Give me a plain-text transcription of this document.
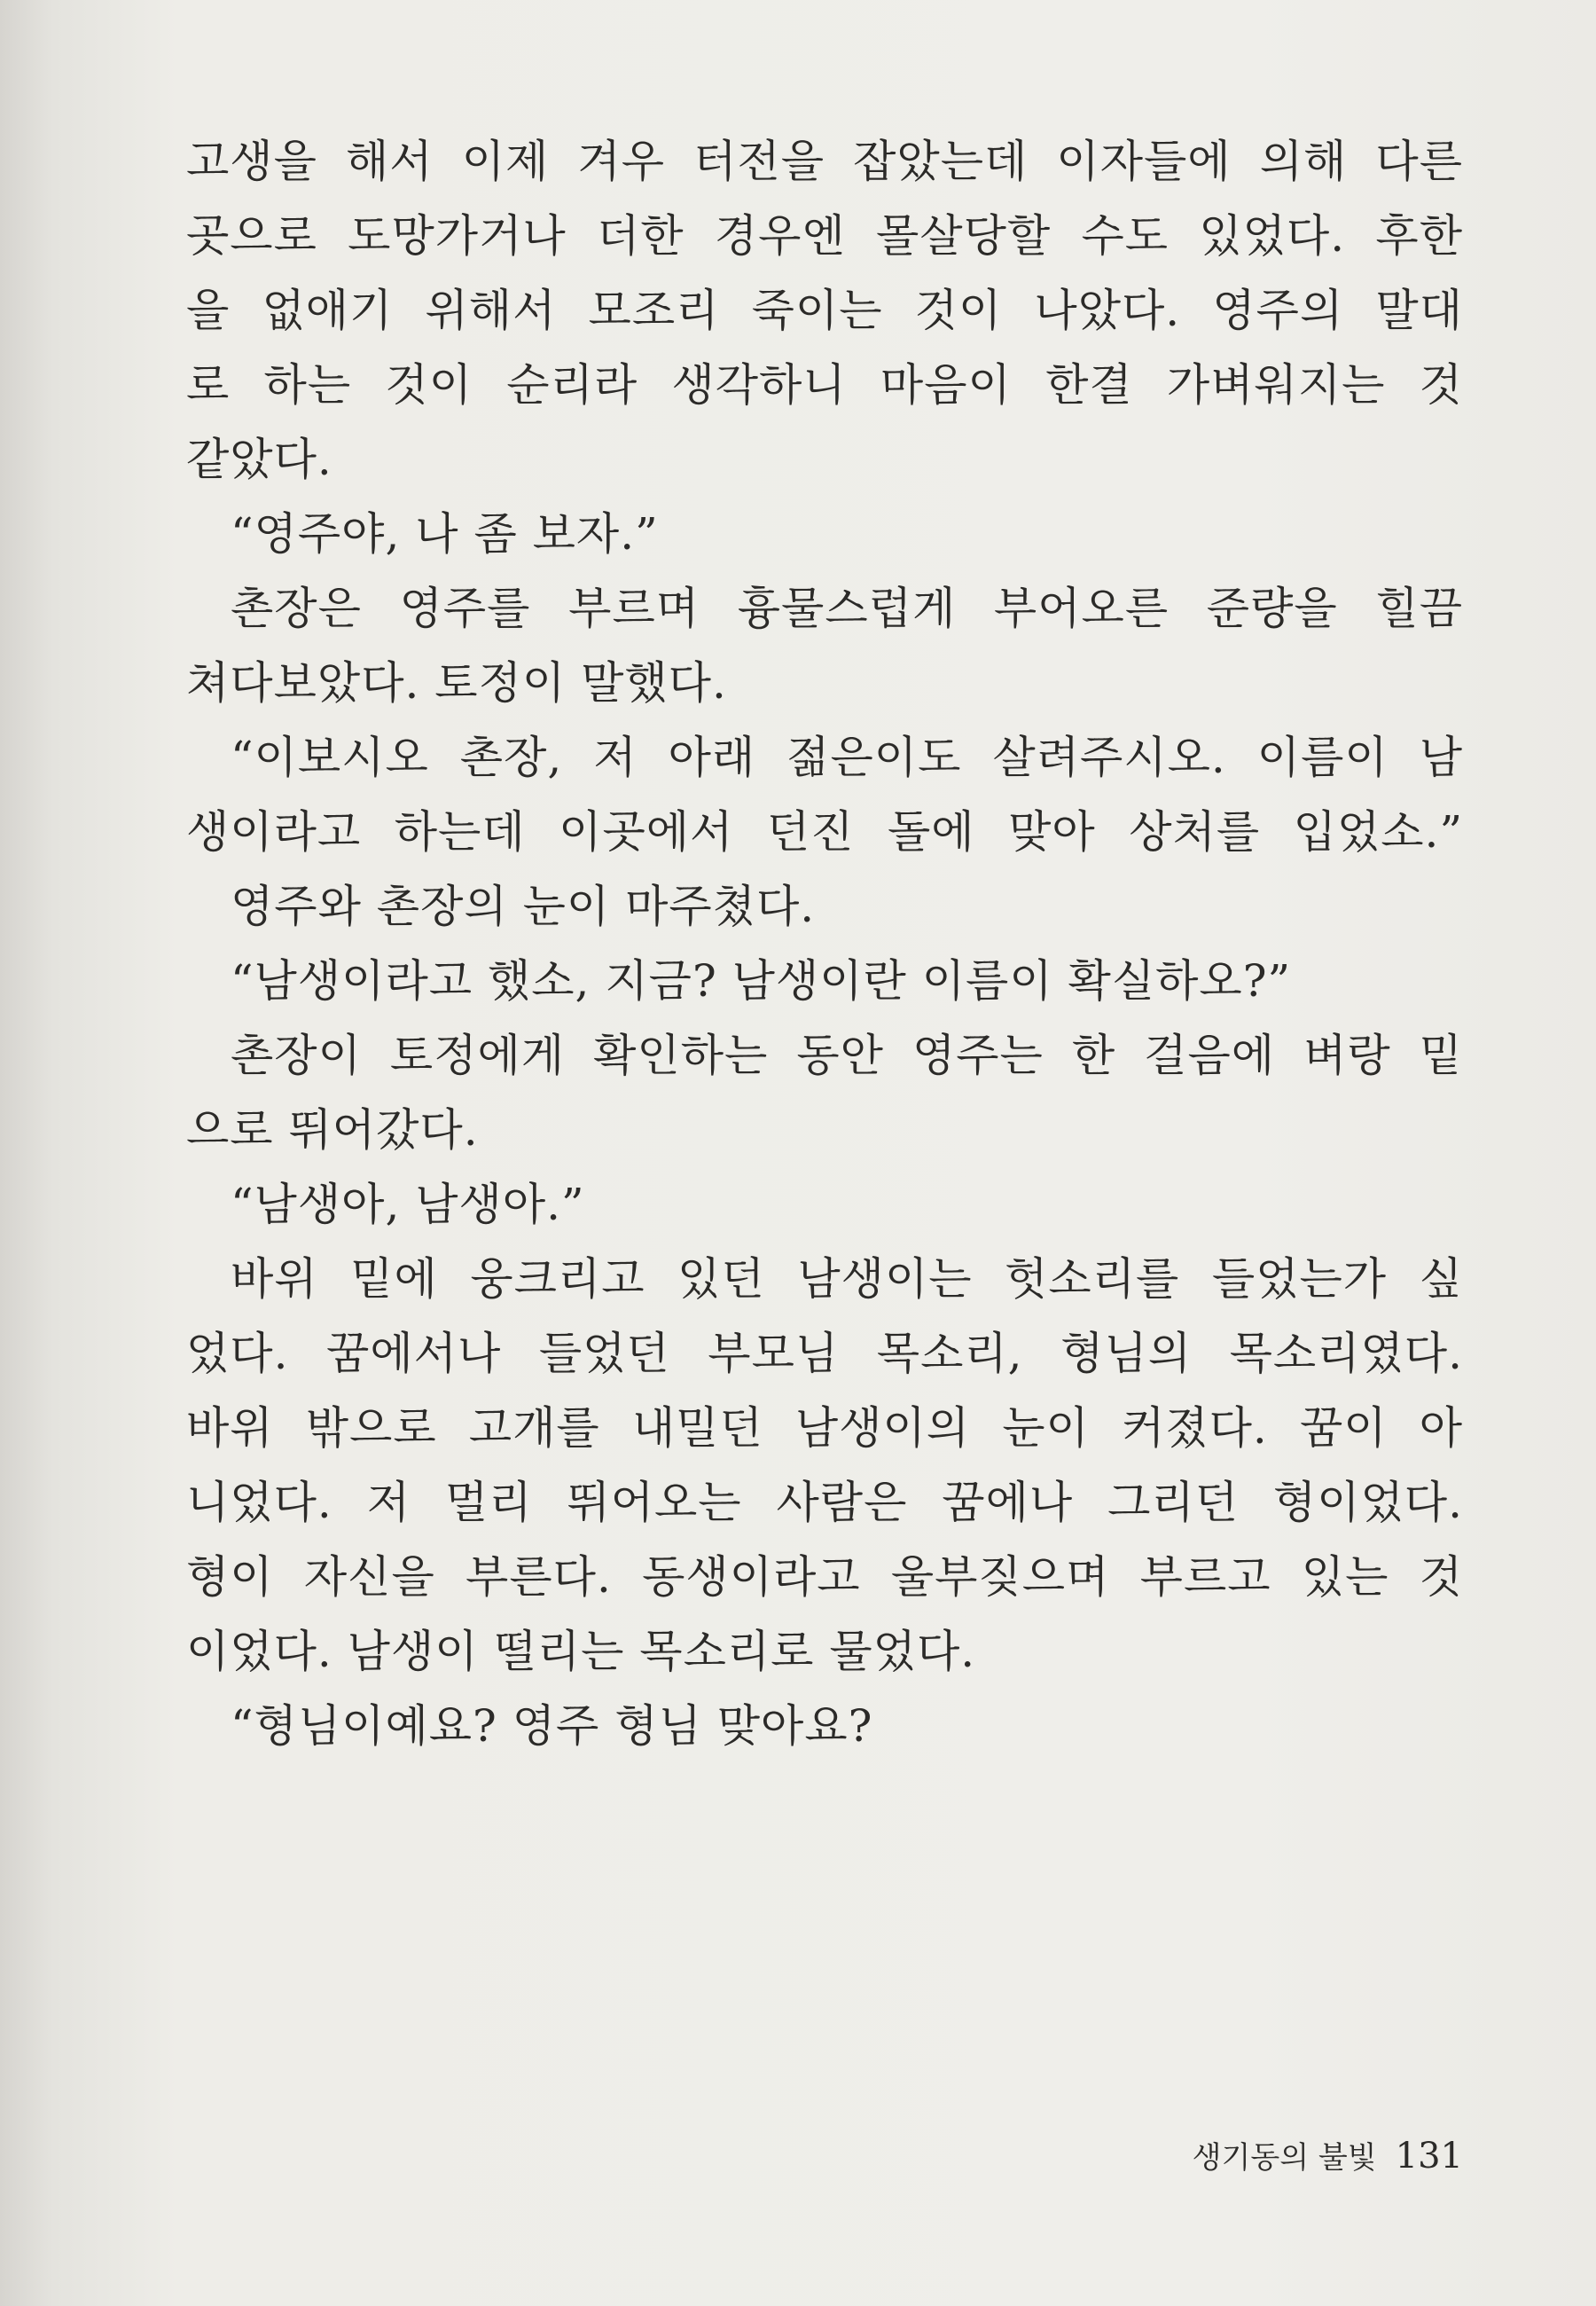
고생을 해서 이제 겨우 터전을 잡았는데 이자들에 의해 다른
곳으로 도망가거나 더한 경우엔 몰살당할 수도 있었다. 후한
을 없애기 위해서 모조리 죽이는 것이 나았다. 영주의 말대
로 하는 것이 순리라 생각하니 마음이 한결 가벼워지는 것
같았다.
“영주야, 나 좀 보자.”
촌장은 영주를 부르며 흉물스럽게 부어오른 준량을 힐끔
쳐다보았다. 토정이 말했다.
“이보시오 촌장, 저 아래 젊은이도 살려주시오. 이름이 남
생이라고 하는데 이곳에서 던진 돌에 맞아 상처를 입었소.”
영주와 촌장의 눈이 마주쳤다.
“남생이라고 했소, 지금? 남생이란 이름이 확실하오?”
촌장이 토정에게 확인하는 동안 영주는 한 걸음에 벼랑 밑
으로 뛰어갔다.
“남생아, 남생아.”
바위 밑에 웅크리고 있던 남생이는 헛소리를 들었는가 싶
었다. 꿈에서나 들었던 부모님 목소리, 형님의 목소리였다.
바위 밖으로 고개를 내밀던 남생이의 눈이 커졌다. 꿈이 아
니었다. 저 멀리 뛰어오는 사람은 꿈에나 그리던 형이었다.
형이 자신을 부른다. 동생이라고 울부짖으며 부르고 있는 것
이었다. 남생이 떨리는 목소리로 물었다.
“형님이예요? 영주 형님 맞아요?
생기동의 불빛 131
